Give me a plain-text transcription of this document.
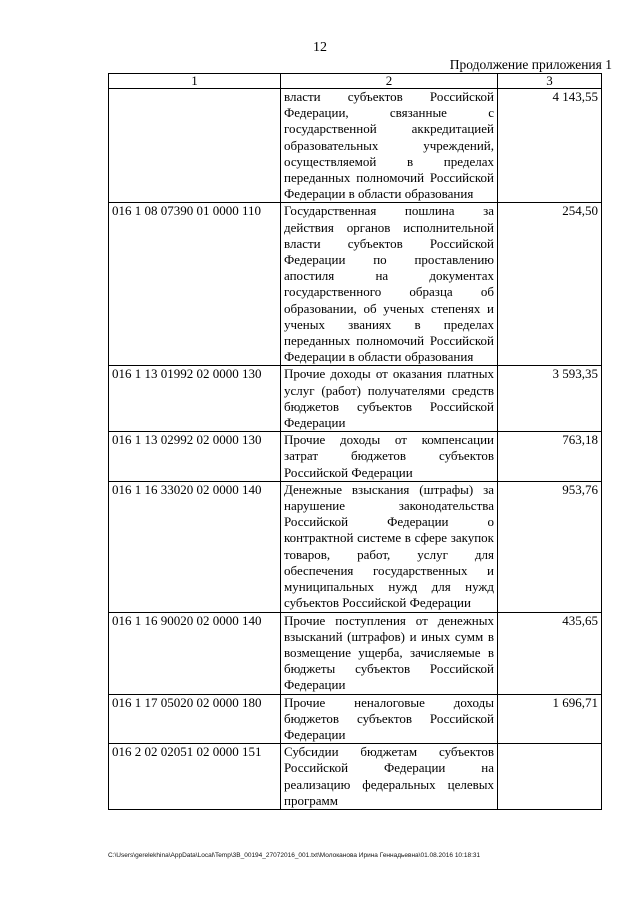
12
Продолжение приложения 1
1	2	3
	власти субъектов Российской Федерации, связанные с государственной аккредитацией образовательных учреждений, осуществляемой в пределах переданных полномочий Российской Федерации в области образования	4 143,55
016 1 08 07390 01 0000 110	Государственная пошлина за действия органов исполнительной власти субъектов Российской Федерации по проставлению апостиля на документах государственного образца об образовании, об ученых степенях и ученых званиях в пределах переданных полномочий Российской Федерации в области образования	254,50
016 1 13 01992 02 0000 130	Прочие доходы от оказания платных услуг (работ) получателями средств бюджетов субъектов Российской Федерации	3 593,35
016 1 13 02992 02 0000 130	Прочие доходы от компенсации затрат бюджетов субъектов Российской Федерации	763,18
016 1 16 33020 02 0000 140	Денежные взыскания (штрафы) за нарушение законодательства Российской Федерации о контрактной системе в сфере закупок товаров, работ, услуг для обеспечения государственных и муниципальных нужд для нужд субъектов Российской Федерации	953,76
016 1 16 90020 02 0000 140	Прочие поступления от денежных взысканий (штрафов) и иных сумм в возмещение ущерба, зачисляемые в бюджеты субъектов Российской Федерации	435,65
016 1 17 05020 02 0000 180	Прочие неналоговые доходы бюджетов субъектов Российской Федерации	1 696,71
016 2 02 02051 02 0000 151	Субсидии бюджетам субъектов Российской Федерации на реализацию федеральных целевых программ	
C:\Users\gerelekhina\AppData\Local\Temp\3B_00194_27072016_001.txt\Молоканова Ирина Геннадьевна\01.08.2016 10:18:31
